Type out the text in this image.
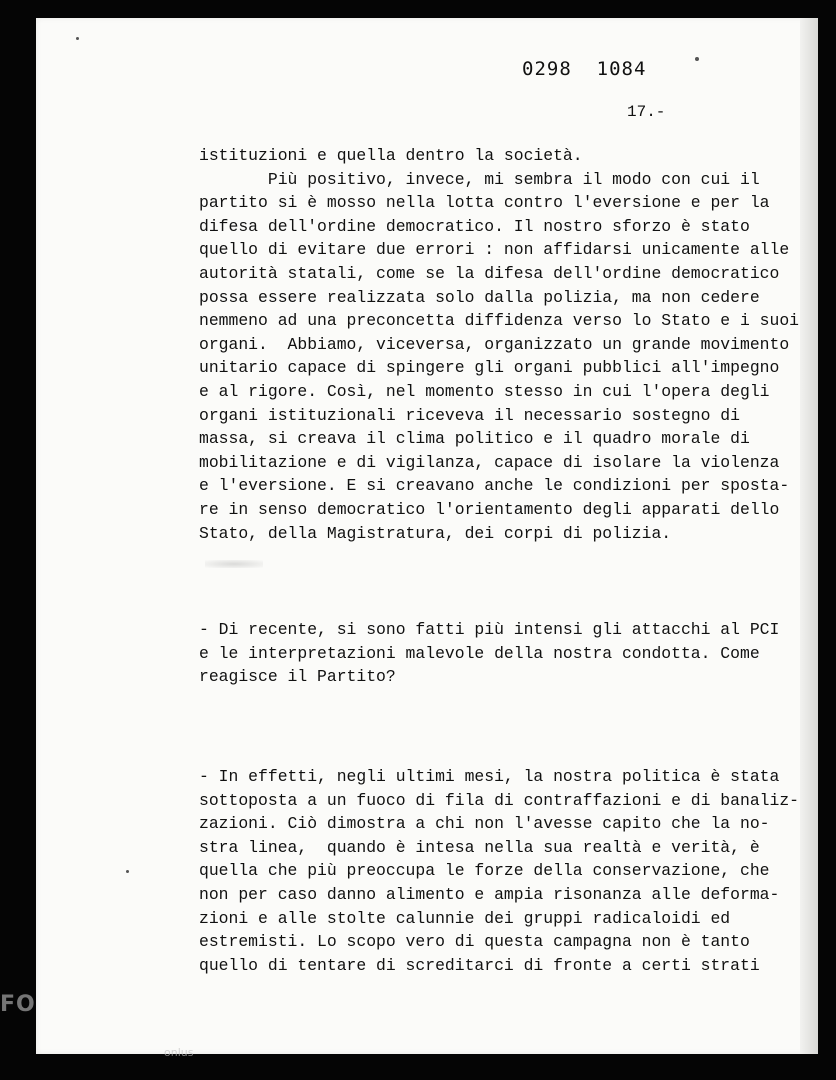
0298  1084
17.-
istituzioni e quella dentro la società.
Più positivo, invece, mi sembra il modo con cui il
partito si è mosso nella lotta contro l'eversione e per la
difesa dell'ordine democratico. Il nostro sforzo è stato
quello di evitare due errori : non affidarsi unicamente alle
autorità statali, come se la difesa dell'ordine democratico
possa essere realizzata solo dalla polizia, ma non cedere
nemmeno ad una preconcetta diffidenza verso lo Stato e i suoi
organi.  Abbiamo, viceversa, organizzato un grande movimento
unitario capace di spingere gli organi pubblici all'impegno
e al rigore. Così, nel momento stesso in cui l'opera degli
organi istituzionali riceveva il necessario sostegno di
massa, si creava il clima politico e il quadro morale di
mobilitazione e di vigilanza, capace di isolare la violenza
e l'eversione. E si creavano anche le condizioni per sposta-
re in senso democratico l'orientamento degli apparati dello
Stato, della Magistratura, dei corpi di polizia.
- Di recente, si sono fatti più intensi gli attacchi al PCI
e le interpretazioni malevole della nostra condotta. Come
reagisce il Partito?
- In effetti, negli ultimi mesi, la nostra politica è stata
sottoposta a un fuoco di fila di contraffazioni e di banaliz-
zazioni. Ciò dimostra a chi non l'avesse capito che la no-
stra linea,  quando è intesa nella sua realtà e verità, è
quella che più preoccupa le forze della conservazione, che
non per caso danno alimento e ampia risonanza alle deforma-
zioni e alle stolte calunnie dei gruppi radicaloidi ed
estremisti. Lo scopo vero di questa campagna non è tanto
quello di tentare di screditarci di fronte a certi strati
FO
onlus
